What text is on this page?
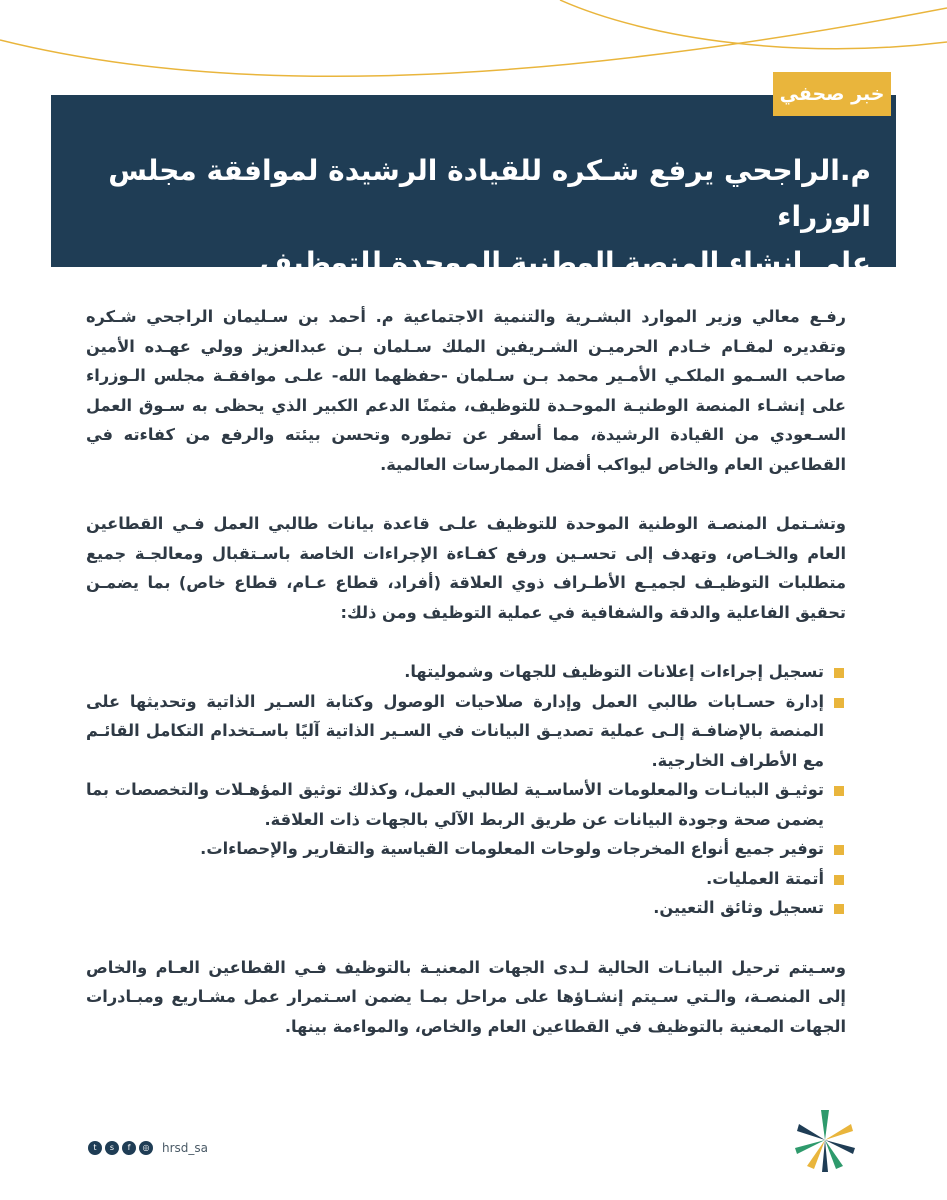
خبر صحفي
م.الراجحي يرفع شـكره للقيادة الرشيدة لموافقة مجلس الوزراء
على إنشاء المنصة الوطنية الموحدة للتوظيف

رفـع معالي وزير الموارد البشـرية والتنمية الاجتماعية م. أحمد بن سـليمان الراجحي شـكره وتقديره لمقـام خـادم الحرميـن الشـريفين الملك سـلمان بـن عبدالعزيز وولي عهـده الأمين صاحب السـمو الملكـي الأمـير محمد بـن سـلمان -حفظهما الله- علـى موافقـة مجلس الـوزراء على إنشـاء المنصة الوطنيـة الموحـدة للتوظيف، مثمنًا الدعم الكبير الذي يحظى به سـوق العمل السـعودي من القيادة الرشيدة، مما أسفر عن تطوره وتحسن بيئته والرفع من كفاءته في القطاعين العام والخاص ليواكب أفضل الممارسات العالمية.

وتشـتمل المنصـة الوطنية الموحدة للتوظيف علـى قاعدة بيانات طالبي العمل فـي القطاعين العام والخـاص، وتهدف إلى تحسـين ورفع كفـاءة الإجراءات الخاصة باسـتقبال ومعالجـة جميع متطلبات التوظيـف لجميـع الأطـراف ذوي العلاقة (أفراد، قطاع عـام، قطاع خاص) بما يضمـن تحقيق الفاعلية والدقة والشفافية في عملية التوظيف ومن ذلك:

تسجيل إجراءات إعلانات التوظيف للجهات وشموليتها.
إدارة حسـابات طالبي العمل وإدارة صلاحيات الوصول وكتابة السـير الذاتية وتحديثها على المنصة بالإضافـة إلـى عملية تصديـق البيانات في السـير الذاتية آليًا باسـتخدام التكامل القائـم مع الأطراف الخارجية.
توثيـق البيانـات والمعلومات الأساسـية لطالبي العمل، وكذلك توثيق المؤهـلات والتخصصات بما يضمن صحة وجودة البيانات عن طريق الربط الآلي بالجهات ذات العلاقة.
توفير جميع أنواع المخرجات ولوحات المعلومات القياسية والتقارير والإحصاءات.
أتمتة العمليات.
تسجيل وثائق التعيين.

وسـيتم ترحيل البيانـات الحالية لـدى الجهات المعنيـة بالتوظيف فـي القطاعين العـام والخاص إلى المنصـة، والـتي سـيتم إنشـاؤها على مراحل بمـا يضمن اسـتمرار عمل مشـاريع ومبـادرات الجهات المعنية بالتوظيف في القطاعين العام والخاص، والمواءمة بينها.

t	s	f	◎ hrsd_sa
